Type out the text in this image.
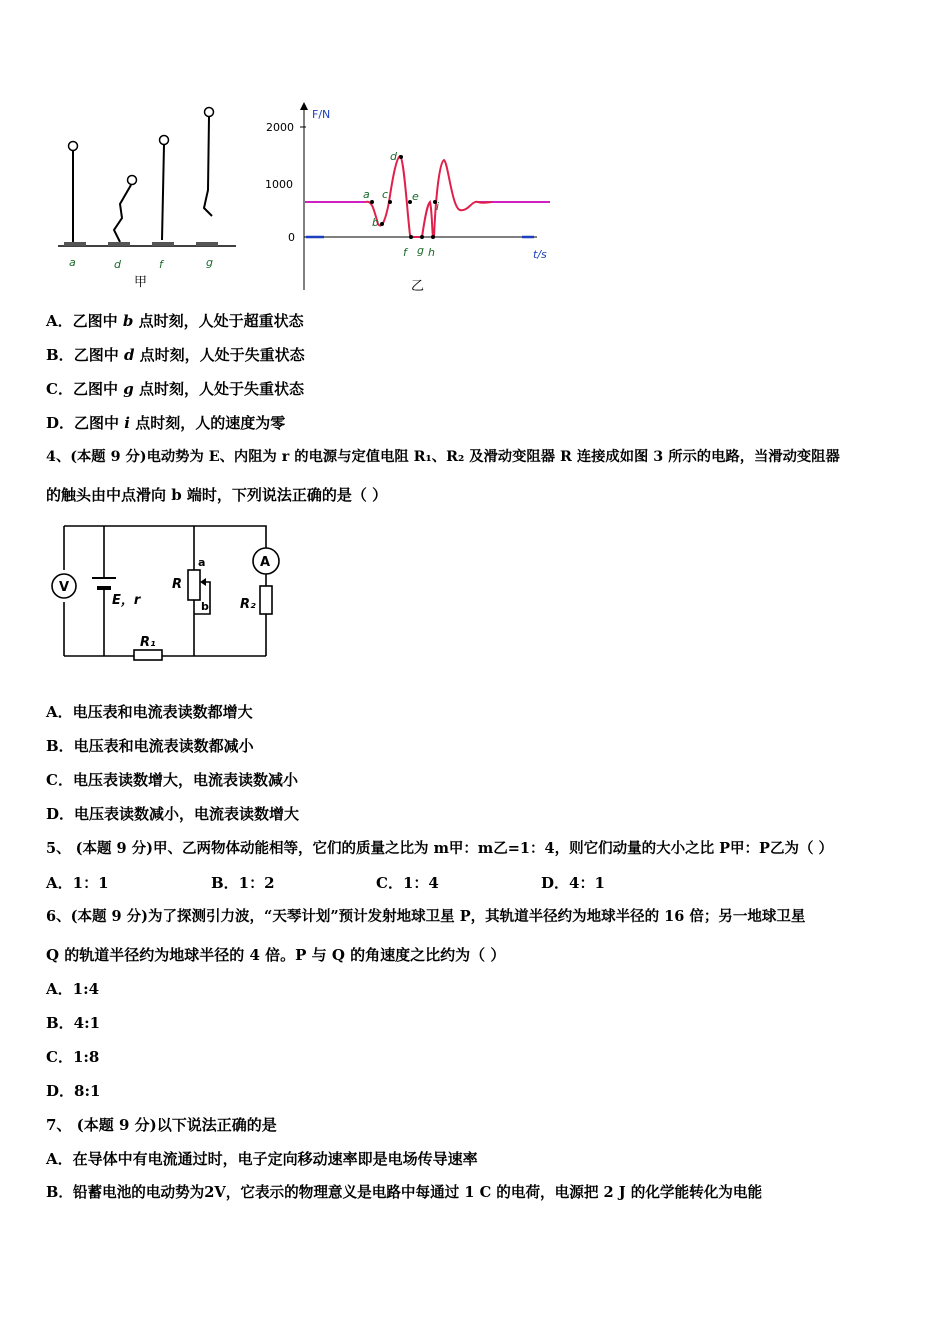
a	d	f	g
甲
F/N
t/s
2000
1000
0
a
b
c
d
e
f g h
i
乙
A．乙图中 b 点时刻，人处于超重状态
B．乙图中 d 点时刻，人处于失重状态
C．乙图中 g 点时刻，人处于失重状态
D．乙图中 i 点时刻，人的速度为零
4、(本题 9 分)电动势为 E、内阻为 r 的电源与定值电阻 R₁、R₂ 及滑动变阻器 R 连接成如图 3 所示的电路，当滑动变阻器
的触头由中点滑向 b 端时，下列说法正确的是（ ）
V
A
E，r
R
a
b
R₁
R₂
A．电压表和电流表读数都增大
B．电压表和电流表读数都减小
C．电压表读数增大，电流表读数减小
D．电压表读数减小，电流表读数增大
5、 (本题 9 分)甲、乙两物体动能相等，它们的质量之比为 m甲：m乙=1：4，则它们动量的大小之比 P甲：P乙为（ ）
A．1：1	B．1：2	C．1：4	D．4：1
6、(本题 9 分)为了探测引力波，“天琴计划”预计发射地球卫星 P，其轨道半径约为地球半径的 16 倍；另一地球卫星
Q 的轨道半径约为地球半径的 4 倍。P 与 Q 的角速度之比约为（ ）
A．1:4
B．4:1
C．1:8
D．8:1
7、 (本题 9 分)以下说法正确的是
A．在导体中有电流通过时，电子定向移动速率即是电场传导速率
B．铅蓄电池的电动势为2V，它表示的物理意义是电路中每通过 1 C 的电荷，电源把 2 J 的化学能转化为电能
